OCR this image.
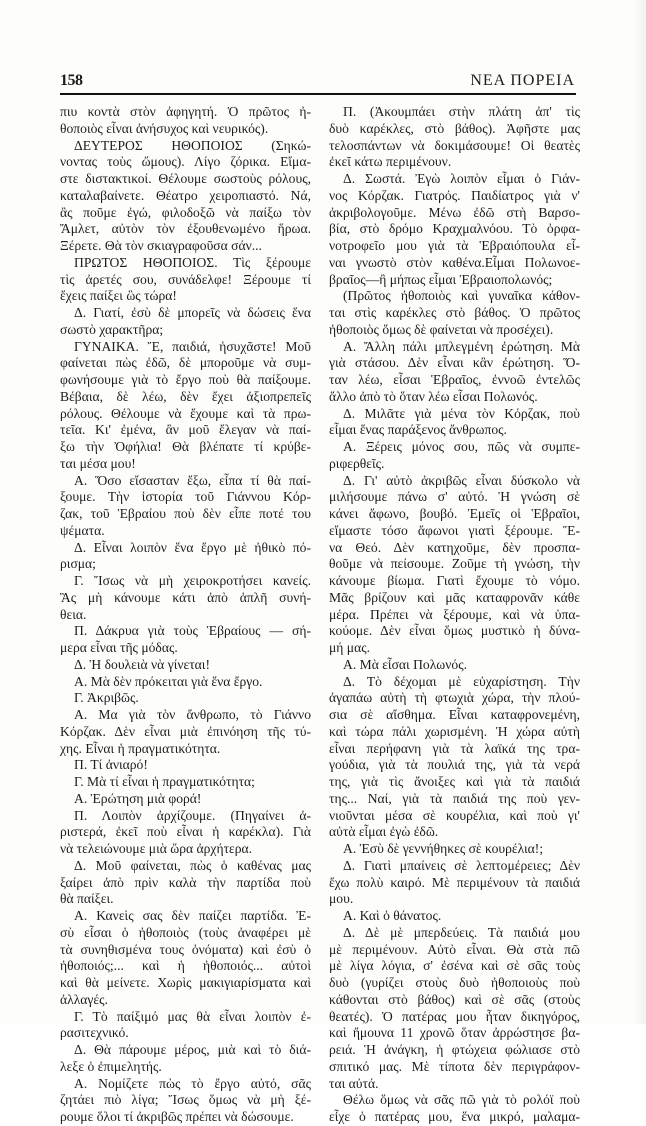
158	ΝΕΑ ΠΟΡΕΙΑ
πιυ κοντὰ στὸν ἀφηγητή. Ὁ πρῶτος ἠ-
θοποιὸς εἶναι ἀνήσυχος καὶ νευρικός).
ΔΕΥΤΕΡΟΣ ΗΘΟΠΟΙΟΣ (Σηκώ-
νοντας τοὺς ὤμους). Λίγο ζόρικα. Εἴμα-
στε διστακτικοί. Θέλουμε σωστοὺς ρόλους,
καταλαβαίνετε. Θέατρο χειροπιαστό. Νά,
ἂς ποῦμε ἐγώ, φιλοδοξῶ νὰ παίξω τὸν
Ἄμλετ, αὐτὸν τὸν ἐξουθενωμένο ἥρωα.
Ξέρετε. Θὰ τὸν σκιαγραφοῦσα σάν...
ΠΡΩΤΟΣ ΗΘΟΠΟΙΟΣ. Τὶς ξέρουμε
τὶς ἀρετές σου, συνάδελφε! Ξέρουμε τί
ἔχεις παίξει ὣς τώρα!
Δ. Γιατί, ἐσὺ δὲ μπορεῖς νὰ δώσεις ἕνα
σωστὸ χαρακτῆρα;
ΓΥΝΑΙΚΑ. Ἔ, παιδιά, ἡσυχᾶστε! Μοῦ
φαίνεται πὼς ἐδῶ, δὲ μποροῦμε νὰ συμ-
φωνήσουμε γιὰ τὸ ἔργο ποὺ θὰ παίξουμε.
Βέβαια, δὲ λέω, δὲν ἔχει ἀξιοπρεπεῖς
ρόλους. Θέλουμε νὰ ἔχουμε καὶ τὰ πρω-
τεῖα. Κι' ἐμένα, ἂν μοῦ ἔλεγαν νὰ παί-
ξω τὴν Ὀφήλια! Θὰ βλέπατε τί κρύβε-
ται μέσα μου!
Α. Ὅσο εἴσασταν ἔξω, εἶπα τί θὰ παί-
ξουμε. Τὴν ἱστορία τοῦ Γιάννου Κόρ-
ζακ, τοῦ Ἑβραίου ποὺ δὲν εἶπε ποτέ του
ψέματα.
Δ. Εἶναι λοιπὸν ἕνα ἔργο μὲ ἠθικὸ πό-
ρισμα;
Γ. Ἴσως νὰ μὴ χειροκροτήσει κανείς.
Ἂς μὴ κάνουμε κάτι ἀπὸ ἁπλῆ συνή-
θεια.
Π. Δάκρυα γιὰ τοὺς Ἑβραίους — σή-
μερα εἶναι τῆς μόδας.
Δ. Ἡ δουλειὰ νὰ γίνεται!
Α. Μὰ δὲν πρόκειται γιὰ ἕνα ἔργο.
Γ. Ἀκριβῶς.
Α. Μα γιὰ τὸν ἄνθρωπο, τὸ Γιάννο
Κόρζακ. Δὲν εἶναι μιὰ ἐπινόηση τῆς τύ-
χης. Εἶναι ἡ πραγματικότητα.
Π. Τί ἀνιαρό!
Γ. Μὰ τί εἶναι ἡ πραγματικότητα;
Α. Ἐρώτηση μιὰ φορά!
Π. Λοιπὸν ἀρχίζουμε. (Πηγαίνει ἀ-
ριστερά, ἐκεῖ ποὺ εἶναι ἡ καρέκλα). Γιὰ
νὰ τελειώνουμε μιὰ ὥρα ἀρχήτερα.
Δ. Μοῦ φαίνεται, πὼς ὁ καθένας μας
ξαίρει ἀπὸ πρὶν καλὰ τὴν παρτίδα ποὺ
θὰ παίξει.
Α. Κανεὶς σας δὲν παίζει παρτίδα. Ἐ-
σὺ εἶσαι ὁ ἠθοποιὸς (τοὺς ἀναφέρει μὲ
τὰ συνηθισμένα τους ὀνόματα) καὶ ἐσὺ ὁ
ἠθοποιός;... καὶ ἡ ἠθοποιός... αὐτοὶ
καὶ θὰ μείνετε. Χωρὶς μακιγιαρίσματα καὶ
ἀλλαγές.
Γ. Τὸ παίξιμό μας θὰ εἶναι λοιπὸν ἐ-
ρασιτεχνικό.
Δ. Θὰ πάρουμε μέρος, μιὰ καὶ τὸ διά-
λεξε ὁ ἐπιμελητής.
Α. Νομίζετε πὼς τὸ ἔργο αὐτό, σᾶς
ζητάει πιὸ λίγα; Ἴσως ὅμως νὰ μὴ ξέ-
ρουμε ὅλοι τί ἀκριβῶς πρέπει νὰ δώσουμε.
Π. (Ἀκουμπάει στὴν πλάτη ἀπ' τὶς
δυὸ καρέκλες, στὸ βάθος). Ἀφῆστε μας
τελοσπάντων νὰ δοκιμάσουμε! Οἱ θεατὲς
ἐκεῖ κάτω περιμένουν.
Δ. Σωστά. Ἐγὼ λοιπὸν εἶμαι ὁ Γιάν-
νος Κόρζακ. Γιατρός. Παιδίατρος γιὰ ν'
ἀκριβολογοῦμε. Μένω ἐδῶ στὴ Βαρσο-
βία, στὸ δρόμο Κραχμαλνόου. Τὸ ὀρφα-
νοτροφεῖο μου γιὰ τὰ Ἑβραιόπουλα εἶ-
ναι γνωστὸ στὸν καθένα.Εἶμαι Πολωνοε-
βραῖος—ἢ μήπως εἶμαι Ἑβραιοπολωνός;
(Πρῶτος ἠθοποιὸς καὶ γυναῖκα κάθον-
ται στὶς καρέκλες στὸ βάθος. Ὁ πρῶτος
ἠθοποιὸς ὅμως δὲ φαίνεται νὰ προσέχει).
Α. Ἄλλη πάλι μπλεγμένη ἐρώτηση. Μὰ
γιὰ στάσου. Δὲν εἶναι κἂν ἐρώτηση. Ὅ-
ταν λέω, εἶσαι Ἑβραῖος, ἐννοῶ ἐντελῶς
ἄλλο ἀπὸ τὸ ὅταν λέω εἶσαι Πολωνός.
Δ. Μιλᾶτε γιὰ μένα τὸν Κόρζακ, ποὺ
εἶμαι ἕνας παράξενος ἄνθρωπος.
Α. Ξέρεις μόνος σου, πῶς νὰ συμπε-
ριφερθεῖς.
Δ. Γι' αὐτὸ ἀκριβῶς εἶναι δύσκολο νὰ
μιλήσουμε πάνω σ' αὐτό. Ἡ γνώση σὲ
κάνει ἄφωνο, βουβό. Ἐμεῖς οἱ Ἑβραῖοι,
εἴμαστε τόσο ἄφωνοι γιατὶ ξέρουμε. Ἕ-
να Θεό. Δὲν κατηχοῦμε, δὲν προσπα-
θοῦμε νὰ πείσουμε. Ζοῦμε τὴ γνώση, τὴν
κάνουμε βίωμα. Γιατὶ ἔχουμε τὸ νόμο.
Μᾶς βρίζουν καὶ μᾶς καταφρονᾶν κάθε
μέρα. Πρέπει νὰ ξέρουμε, καὶ νὰ ὑπα-
κούομε. Δὲν εἶναι ὅμως μυστικὸ ἡ δύνα-
μή μας.
Α. Μὰ εἶσαι Πολωνός.
Δ. Τὸ δέχομαι μὲ εὐχαρίστηση. Τὴν
ἀγαπάω αὐτὴ τὴ φτωχιὰ χώρα, τὴν πλού-
σια σὲ αἴσθημα. Εἶναι καταφρονεμένη,
καὶ τώρα πάλι χωρισμένη. Ἡ χώρα αὐτὴ
εἶναι περήφανη γιὰ τὰ λαϊκά της τρα-
γούδια, γιὰ τὰ πουλιά της, γιὰ τὰ νερά
της, γιὰ τὶς ἄνοιξες καὶ γιὰ τὰ παιδιά
της... Ναί, γιὰ τὰ παιδιά της ποὺ γεν-
νιοῦνται μέσα σὲ κουρέλια, καὶ ποὺ γι'
αὐτὰ εἶμαι ἐγὼ ἐδῶ.
Α. Ἐσὺ δὲ γεννήθηκες σὲ κουρέλια!;
Δ. Γιατὶ μπαίνεις σὲ λεπτομέρειες; Δὲν
ἔχω πολὺ καιρό. Μὲ περιμένουν τὰ παιδιά
μου.
Α. Καὶ ὁ θάνατος.
Δ. Δὲ μὲ μπερδεύεις. Τὰ παιδιά μου
μὲ περιμένουν. Αὐτὸ εἶναι. Θὰ στὰ πῶ
μὲ λίγα λόγια, σ' ἐσένα καὶ σὲ σᾶς τοὺς
δυὸ (γυρίζει στοὺς δυὸ ἠθοποιοὺς ποὺ
κάθονται στὸ βάθος) καὶ σὲ σᾶς (στοὺς
θεατές). Ὁ πατέρας μου ἦταν δικηγόρος,
καὶ ἤμουνα 11 χρονῶ ὅταν ἀρρώστησε βα-
ρειά. Ἡ ἀνάγκη, ἡ φτώχεια φώλιασε στὸ
σπιτικό μας. Μὲ τίποτα δὲν περιγράφον-
ται αὐτά.
Θέλω ὅμως νὰ σᾶς πῶ γιὰ τὸ ρολόϊ ποὺ
εἶχε ὁ πατέρας μου, ἕνα μικρό, μαλαμα-
